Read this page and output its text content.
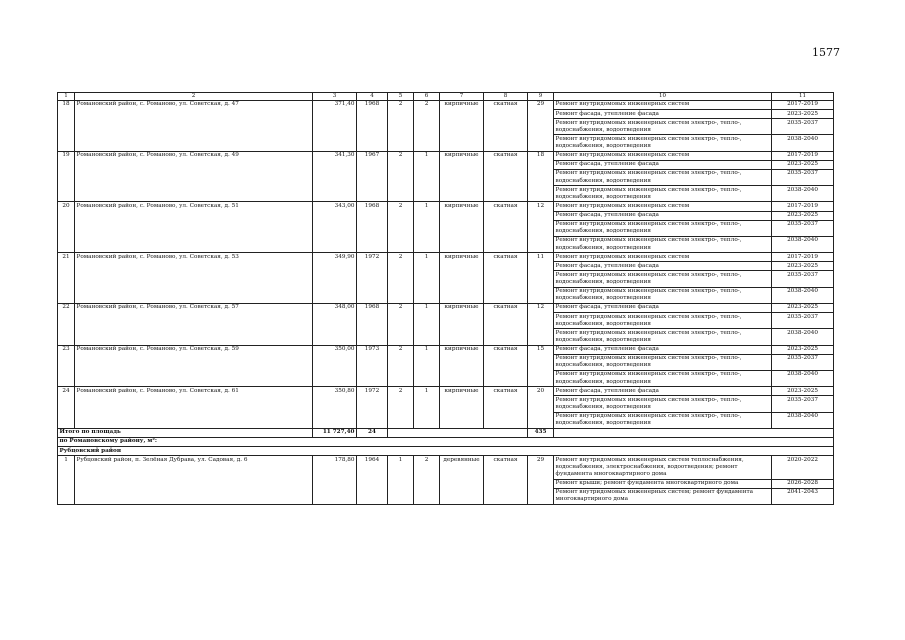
1577
1	2	3	4	5	6	7	8	9	10	11
18	Романовский район, с. Романово, ул. Советская, д. 47	371,40	1968	2	2	кирпичные	скатная	29	Ремонт внутридомовых инженерных систем	2017-2019
									Ремонт фасада, утепление фасада	2023-2025
									Ремонт внутридомовых инженерных систем электро-, тепло-, водоснабжения, водоотведения	2035-2037
									Ремонт внутридомовых инженерных систем электро-, тепло-, водоснабжения, водоотведения	2038-2040
19	Романовский район, с. Романово, ул. Советская, д. 49	341,30	1967	2	1	кирпичные	скатная	18	Ремонт внутридомовых инженерных систем	2017-2019
									Ремонт фасада, утепление фасада	2023-2025
									Ремонт внутридомовых инженерных систем электро-, тепло-, водоснабжения, водоотведения	2035-2037
									Ремонт внутридомовых инженерных систем электро-, тепло-, водоснабжения, водоотведения	2038-2040
20	Романовский район, с. Романово, ул. Советская, д. 51	343,00	1968	2	1	кирпичные	скатная	12	Ремонт внутридомовых инженерных систем	2017-2019
									Ремонт фасада, утепление фасада	2023-2025
									Ремонт внутридомовых инженерных систем электро-, тепло-, водоснабжения, водоотведения	2035-2037
									Ремонт внутридомовых инженерных систем электро-, тепло-, водоснабжения, водоотведения	2038-2040
21	Романовский район, с. Романово, ул. Советская, д. 53	349,90	1972	2	1	кирпичные	скатная	11	Ремонт внутридомовых инженерных систем	2017-2019
									Ремонт фасада, утепление фасада	2023-2025
									Ремонт внутридомовых инженерных систем электро-, тепло-, водоснабжения, водоотведения	2035-2037
									Ремонт внутридомовых инженерных систем электро-, тепло-, водоснабжения, водоотведения	2038-2040
22	Романовский район, с. Романово, ул. Советская, д. 57	348,00	1968	2	1	кирпичные	скатная	12	Ремонт фасада, утепление фасада	2023-2025
									Ремонт внутридомовых инженерных систем электро-, тепло-, водоснабжения, водоотведения	2035-2037
									Ремонт внутридомовых инженерных систем электро-, тепло-, водоснабжения, водоотведения	2038-2040
23	Романовский район, с. Романово, ул. Советская, д. 59	350,00	1973	2	1	кирпичные	скатная	15	Ремонт фасада, утепление фасада	2023-2025
									Ремонт внутридомовых инженерных систем электро-, тепло-, водоснабжения, водоотведения	2035-2037
									Ремонт внутридомовых инженерных систем электро-, тепло-, водоснабжения, водоотведения	2038-2040
24	Романовский район, с. Романово, ул. Советская, д. 61	350,80	1972	2	1	кирпичные	скатная	20	Ремонт фасада, утепление фасада	2023-2025
									Ремонт внутридомовых инженерных систем электро-, тепло-, водоснабжения, водоотведения	2035-2037
									Ремонт внутридомовых инженерных систем электро-, тепло-, водоснабжения, водоотведения	2038-2040
Итого по площадь		11 727,40	24					435		
по Романовскому району, м²:										
Рубцовский район										
1	Рубцовский район, п. Зелёная Дубрава, ул. Садовая, д. 6	178,80	1964	1	2	деревянные	скатная	29	Ремонт внутридомовых инженерных систем теплоснабжения, водоснабжения, электроснабжения, водоотведения; ремонт фундамента многоквартирного дома	2020-2022
									Ремонт крыши; ремонт фундамента многоквартирного дома	2026-2028
									Ремонт внутридомовых инженерных систем; ремонт фундамента многоквартирного дома	2041-2043
